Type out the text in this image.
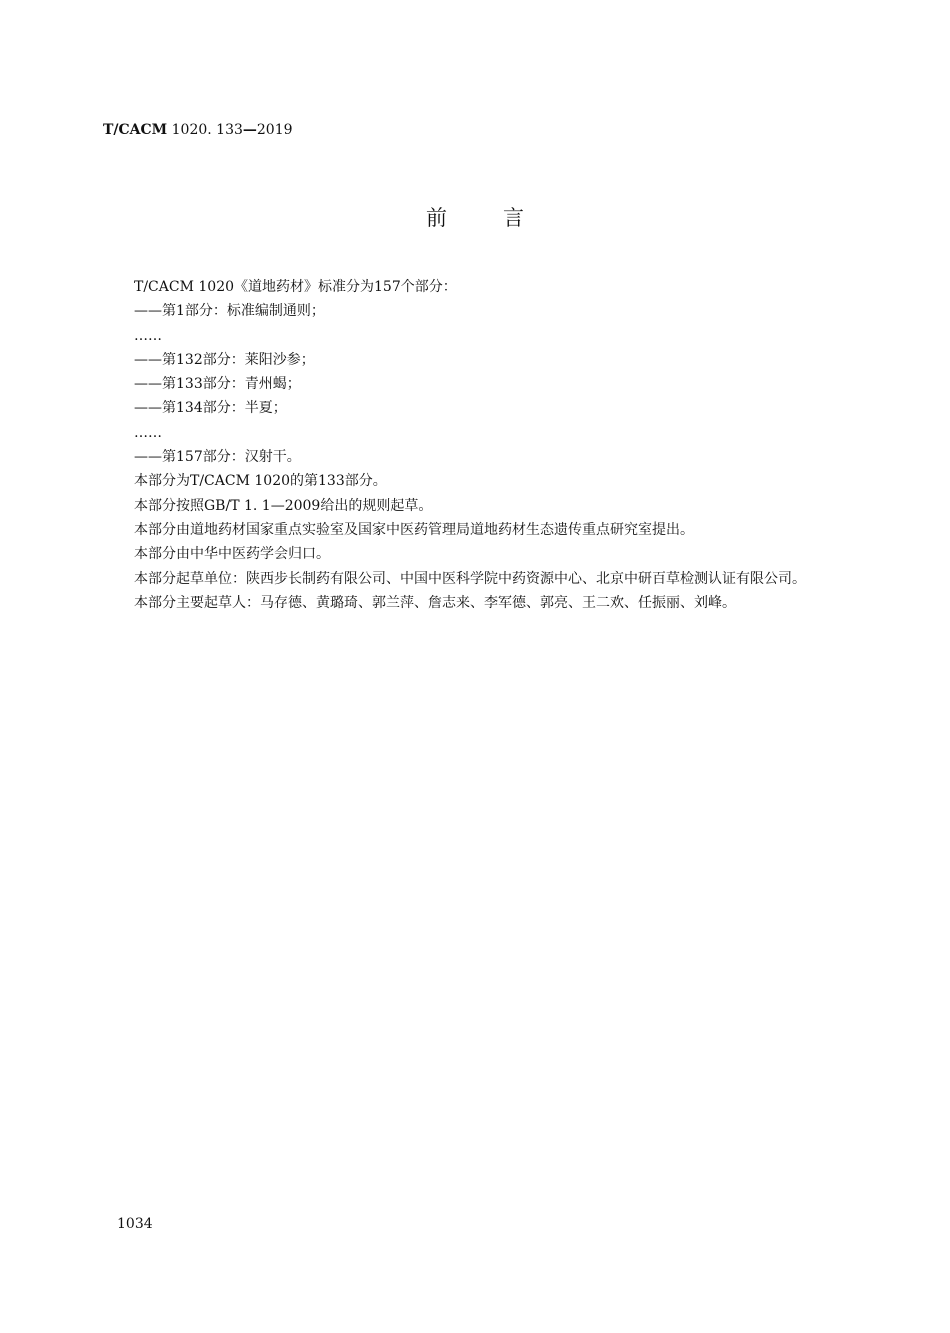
T/CACM 1020. 133—2019
前言

T/CACM 1020《道地药材》标准分为157个部分：

——第1部分：标准编制通则；

……

——第132部分：莱阳沙参；

——第133部分：青州蝎；

——第134部分：半夏；

……

——第157部分：汉射干。

本部分为T/CACM 1020的第133部分。

本部分按照GB/T 1. 1—2009给出的规则起草。

本部分由道地药材国家重点实验室及国家中医药管理局道地药材生态遗传重点研究室提出。

本部分由中华中医药学会归口。

本部分起草单位：陕西步长制药有限公司、中国中医科学院中药资源中心、北京中研百草检测认证有限公司。

本部分主要起草人：马存德、黄璐琦、郭兰萍、詹志来、李军德、郭亮、王二欢、任振丽、刘峰。

1034
